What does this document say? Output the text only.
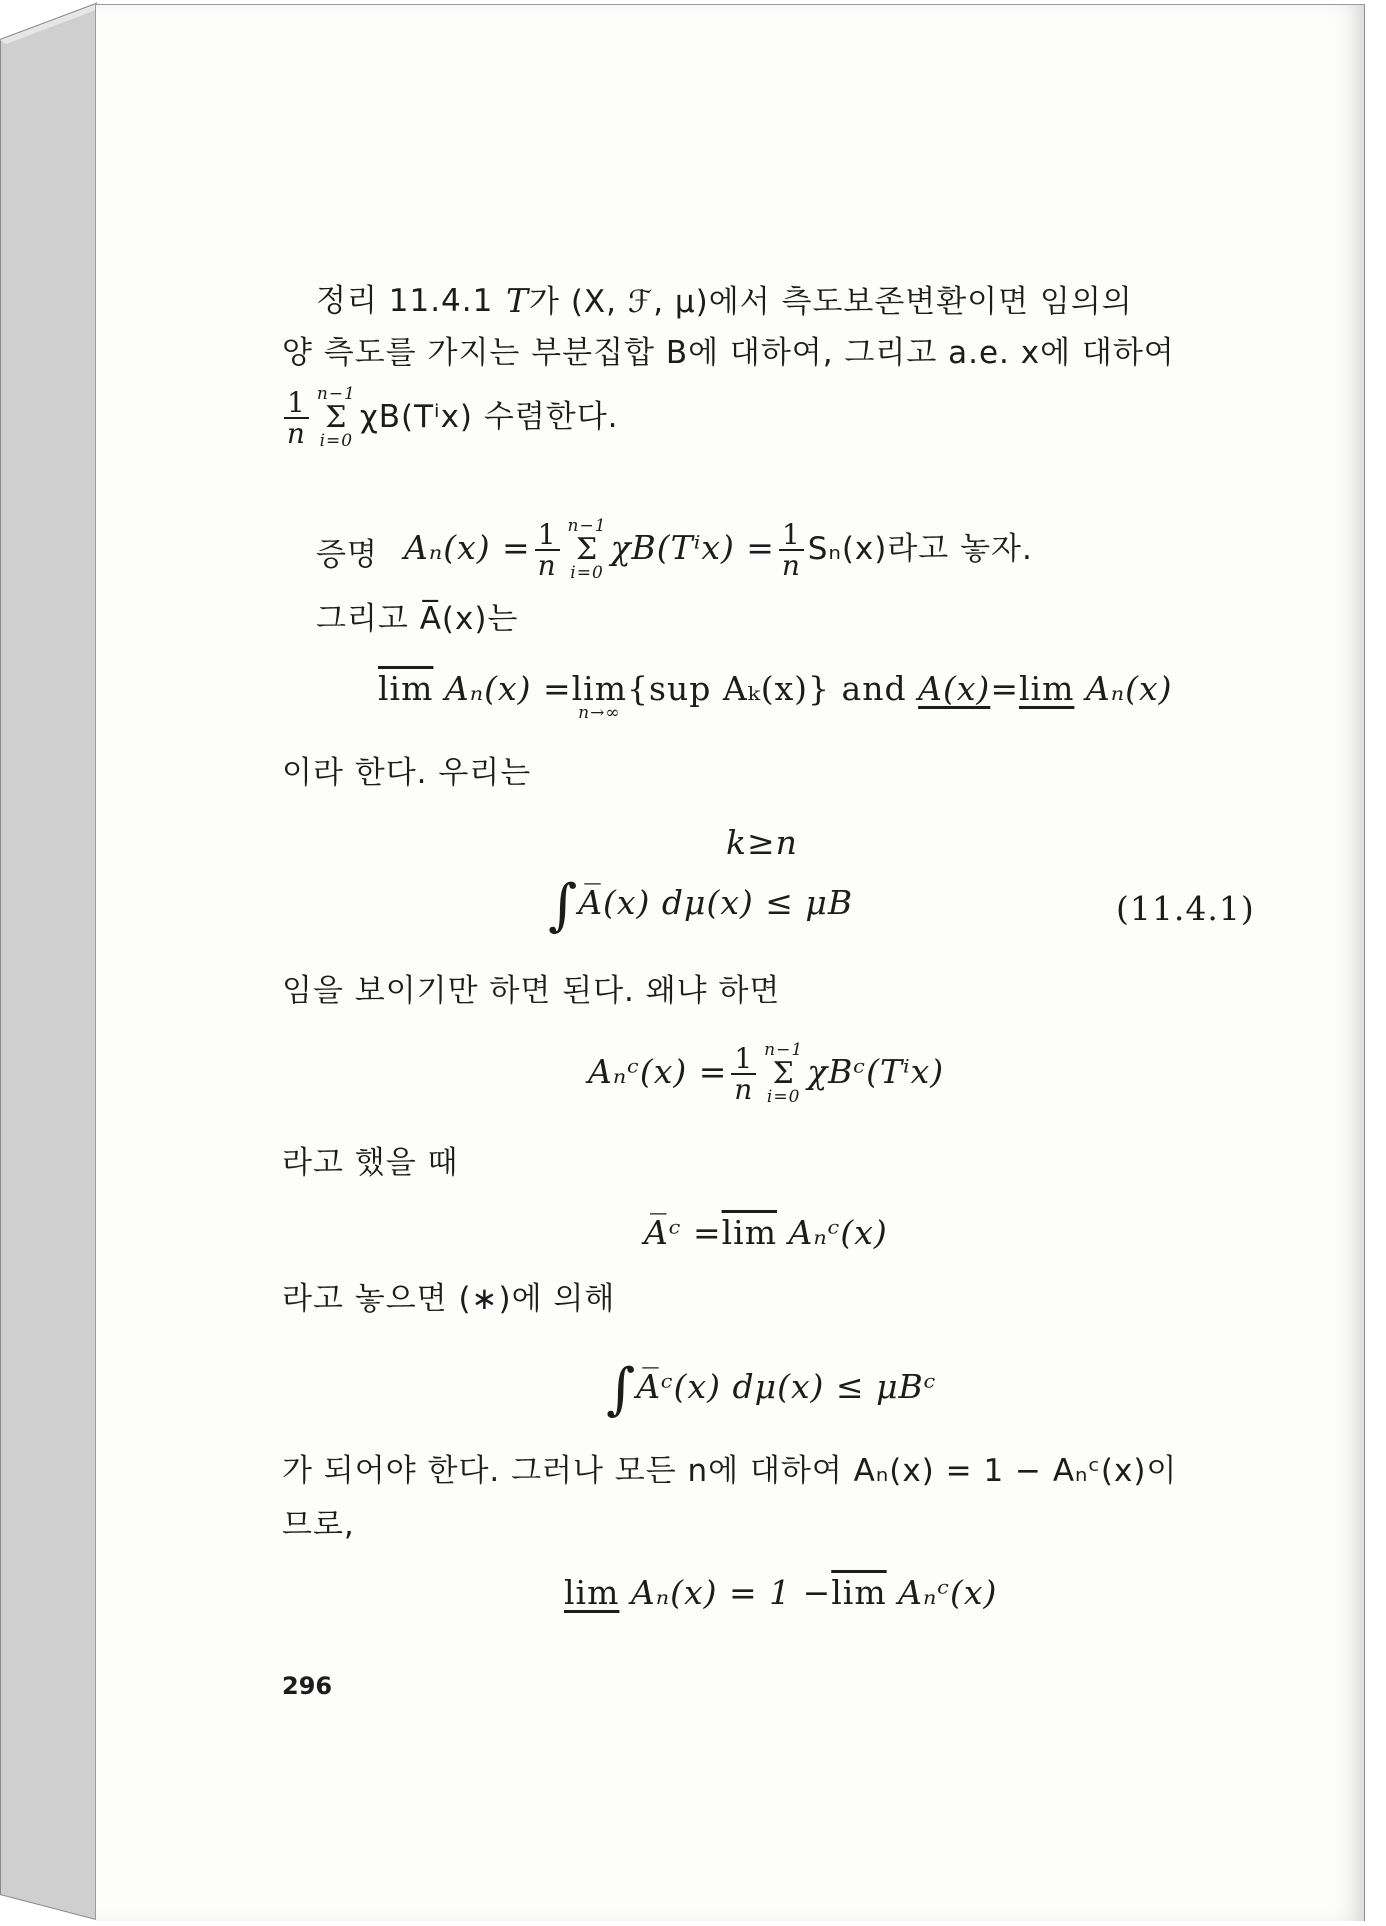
정리 11.4.1 T가 (X, ℱ, μ)에서 측도보존변환이면 임의의
양 측도를 가지는 부분집합 B에 대하여, 그리고 a.e. x에 대하여
$\frac{1}{n} n-1$
Σ
i=0
χB(Tⁱx) 수렴한다.
증명 $A_n(x) = \frac{1}{n} n-1$
Σ
i=0
$\chi B(T^ix) = \frac{1}{n} S_n(x)$라고 놓자.
그리고 A̅(x)는
$\overline{lim}$ Aₙ(x) = lim
n→∞
{sup Aₖ(x)} and A(x)=lim Aₙ(x)
이라 한다. 우리는
k≥n
∫A̅(x) dμ(x) ≤ μB	(11.4.1)
임을 보이기만 하면 된다. 왜냐 하면
Aₙᶜ(x) = $\frac{1}{n} n-1$
Σ
i=0
χBᶜ(Tⁱx)
라고 했을 때
A̅ᶜ $=\overline{lim}$ Aₙᶜ(x)
라고 놓으면 (∗)에 의해
∫A̅ᶜ(x) dμ(x) ≤ μBᶜ
가 되어야 한다. 그러나 모든 n에 대하여 Aₙ(x) = 1 − Aₙᶜ(x)이
므로,
$\lim A_n(x) = 1 -\overline{lim}$ Aₙᶜ(x)
296
